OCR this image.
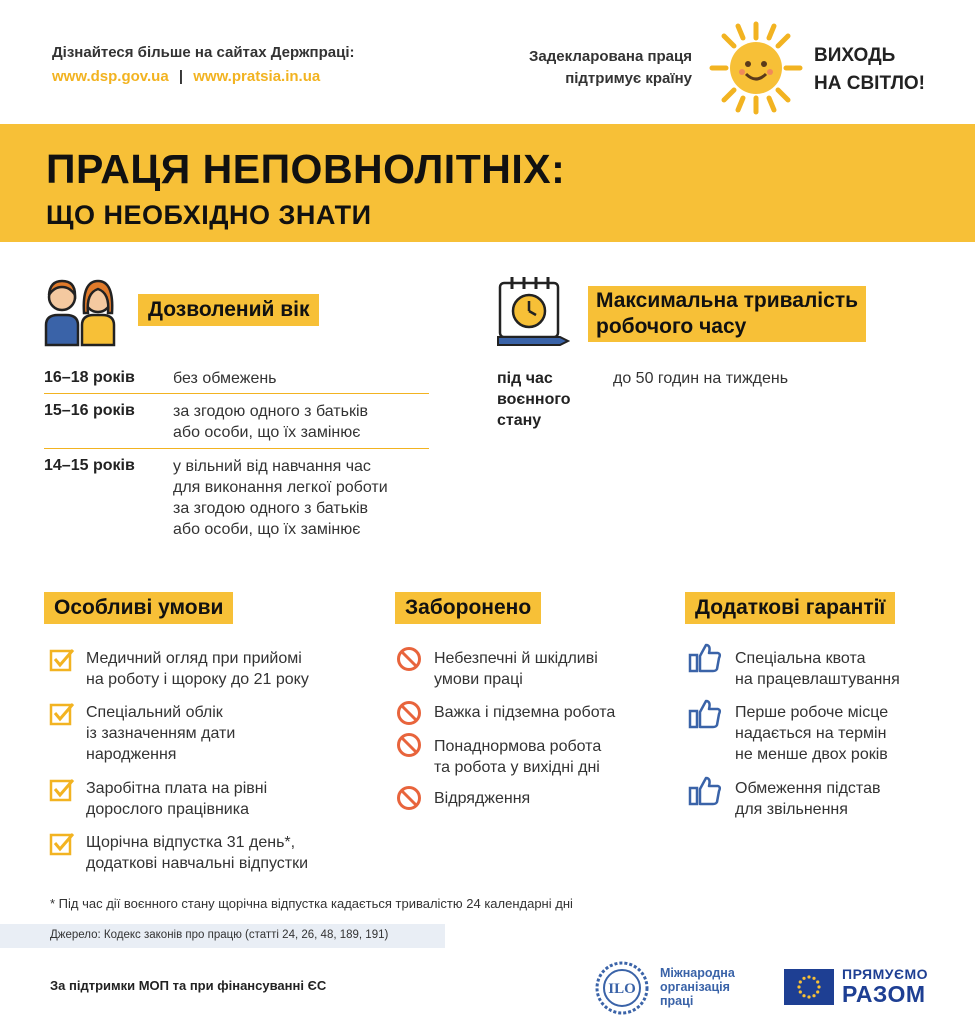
Дізнайтеся більше на сайтах Держпраці:
www.dsp.gov.ua | www.pratsia.in.ua
Задекларована праця
підтримує країну
ВИХОДЬ
НА СВІТЛО!
ПРАЦЯ НЕПОВНОЛІТНІХ:
ЩО НЕОБХІДНО ЗНАТИ
Дозволений вік
16–18 років без обмежень
15–16 років за згодою одного з батьків
або особи, що їх замінює
14–15 років у вільний від навчання час
для виконання легкої роботи
за згодою одного з батьків
або особи, що їх замінює
Максимальна тривалість
робочого часу
під час
воєнного
стану
до 50 годин на тиждень
Особливі умови
Медичний огляд при прийомі
на роботу і щороку до 21 року
Спеціальний облік
із зазначенням дати
народження
Заробітна плата на рівні
дорослого працівника
Щорічна відпустка 31 день*,
додаткові навчальні відпустки
Заборонено
Небезпечні й шкідливі
умови праці
Важка і підземна робота
Понаднормова робота
та робота у вихідні дні
Відрядження
Додаткові гарантії
Спеціальна квота
на працевлаштування
Перше робоче місце
надається на термін
не менше двох років
Обмеження підстав
для звільнення
* Під час дії воєнного стану щорічна відпустка кадається тривалістю 24 календарні дні
Джерело: Кодекс законів про працю (статті 24, 26, 48, 189, 191)
За підтримки МОП та при фінансуванні ЄС	ILO
Міжнародна
організація
праці
ПРЯМУЄМО
РАЗОМ
